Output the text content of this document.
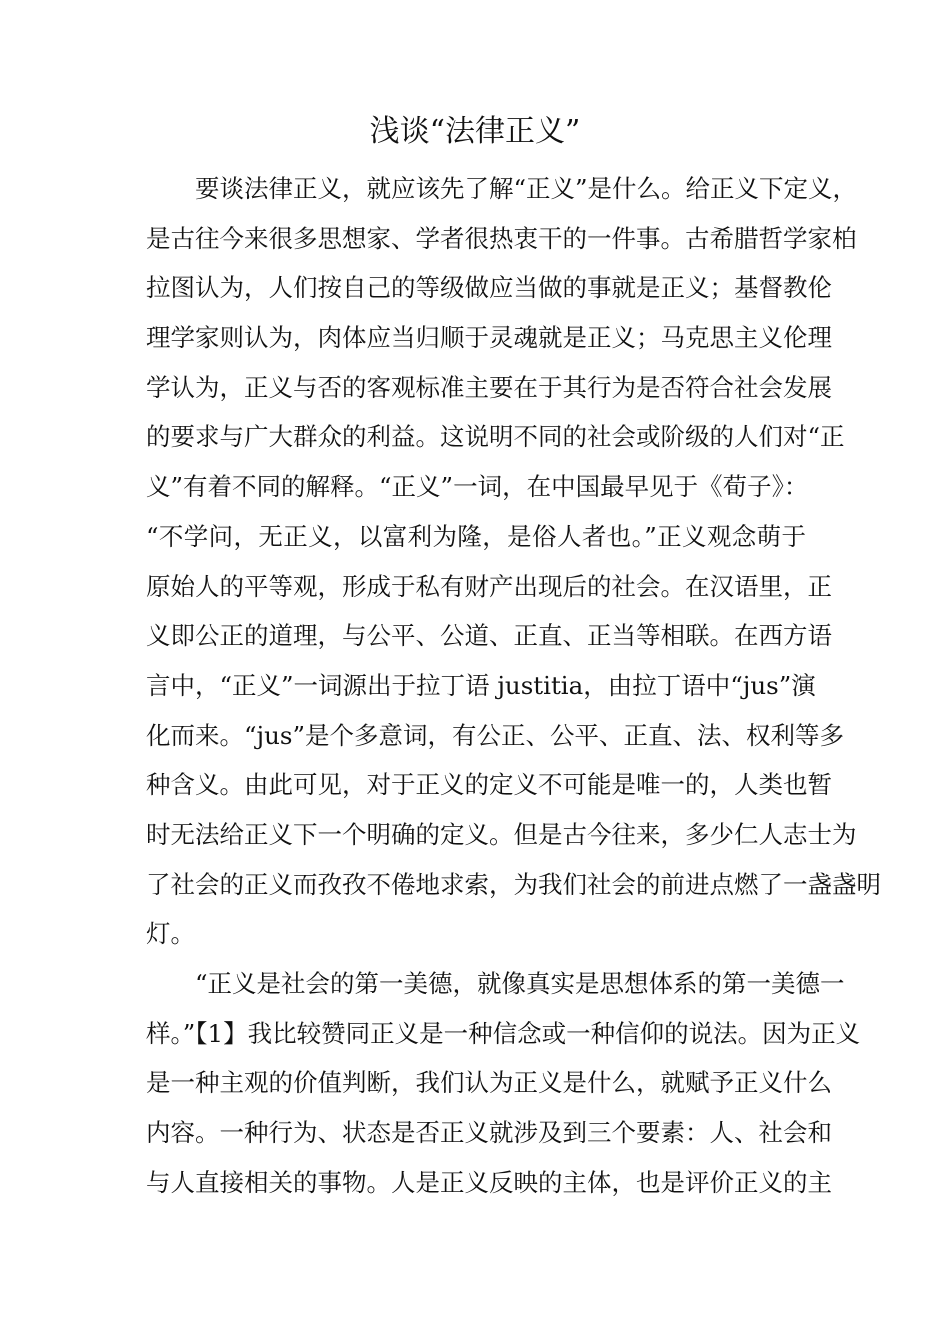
浅谈“法律正义”
要谈法律正义，就应该先了解“正义”是什么。给正义下定义，
是古往今来很多思想家、学者很热衷干的一件事。古希腊哲学家柏
拉图认为，人们按自己的等级做应当做的事就是正义；基督教伦
理学家则认为，肉体应当归顺于灵魂就是正义；马克思主义伦理
学认为，正义与否的客观标准主要在于其行为是否符合社会发展
的要求与广大群众的利益。这说明不同的社会或阶级的人们对“正
义”有着不同的解释。“正义”一词，在中国最早见于《荀子》：
“不学问，无正义，以富利为隆，是俗人者也。”正义观念萌于
原始人的平等观，形成于私有财产出现后的社会。在汉语里，正
义即公正的道理，与公平、公道、正直、正当等相联。在西方语
言中，“正义”一词源出于拉丁语 justitia，由拉丁语中“jus”演
化而来。“jus”是个多意词，有公正、公平、正直、法、权利等多
种含义。由此可见，对于正义的定义不可能是唯一的，人类也暂
时无法给正义下一个明确的定义。但是古今往来，多少仁人志士为
了社会的正义而孜孜不倦地求索，为我们社会的前进点燃了一盏盏明
灯。
“正义是社会的第一美德，就像真实是思想体系的第一美德一
样。”【1】我比较赞同正义是一种信念或一种信仰的说法。因为正义
是一种主观的价值判断，我们认为正义是什么，就赋予正义什么
内容。一种行为、状态是否正义就涉及到三个要素：人、社会和
与人直接相关的事物。人是正义反映的主体，也是评价正义的主
